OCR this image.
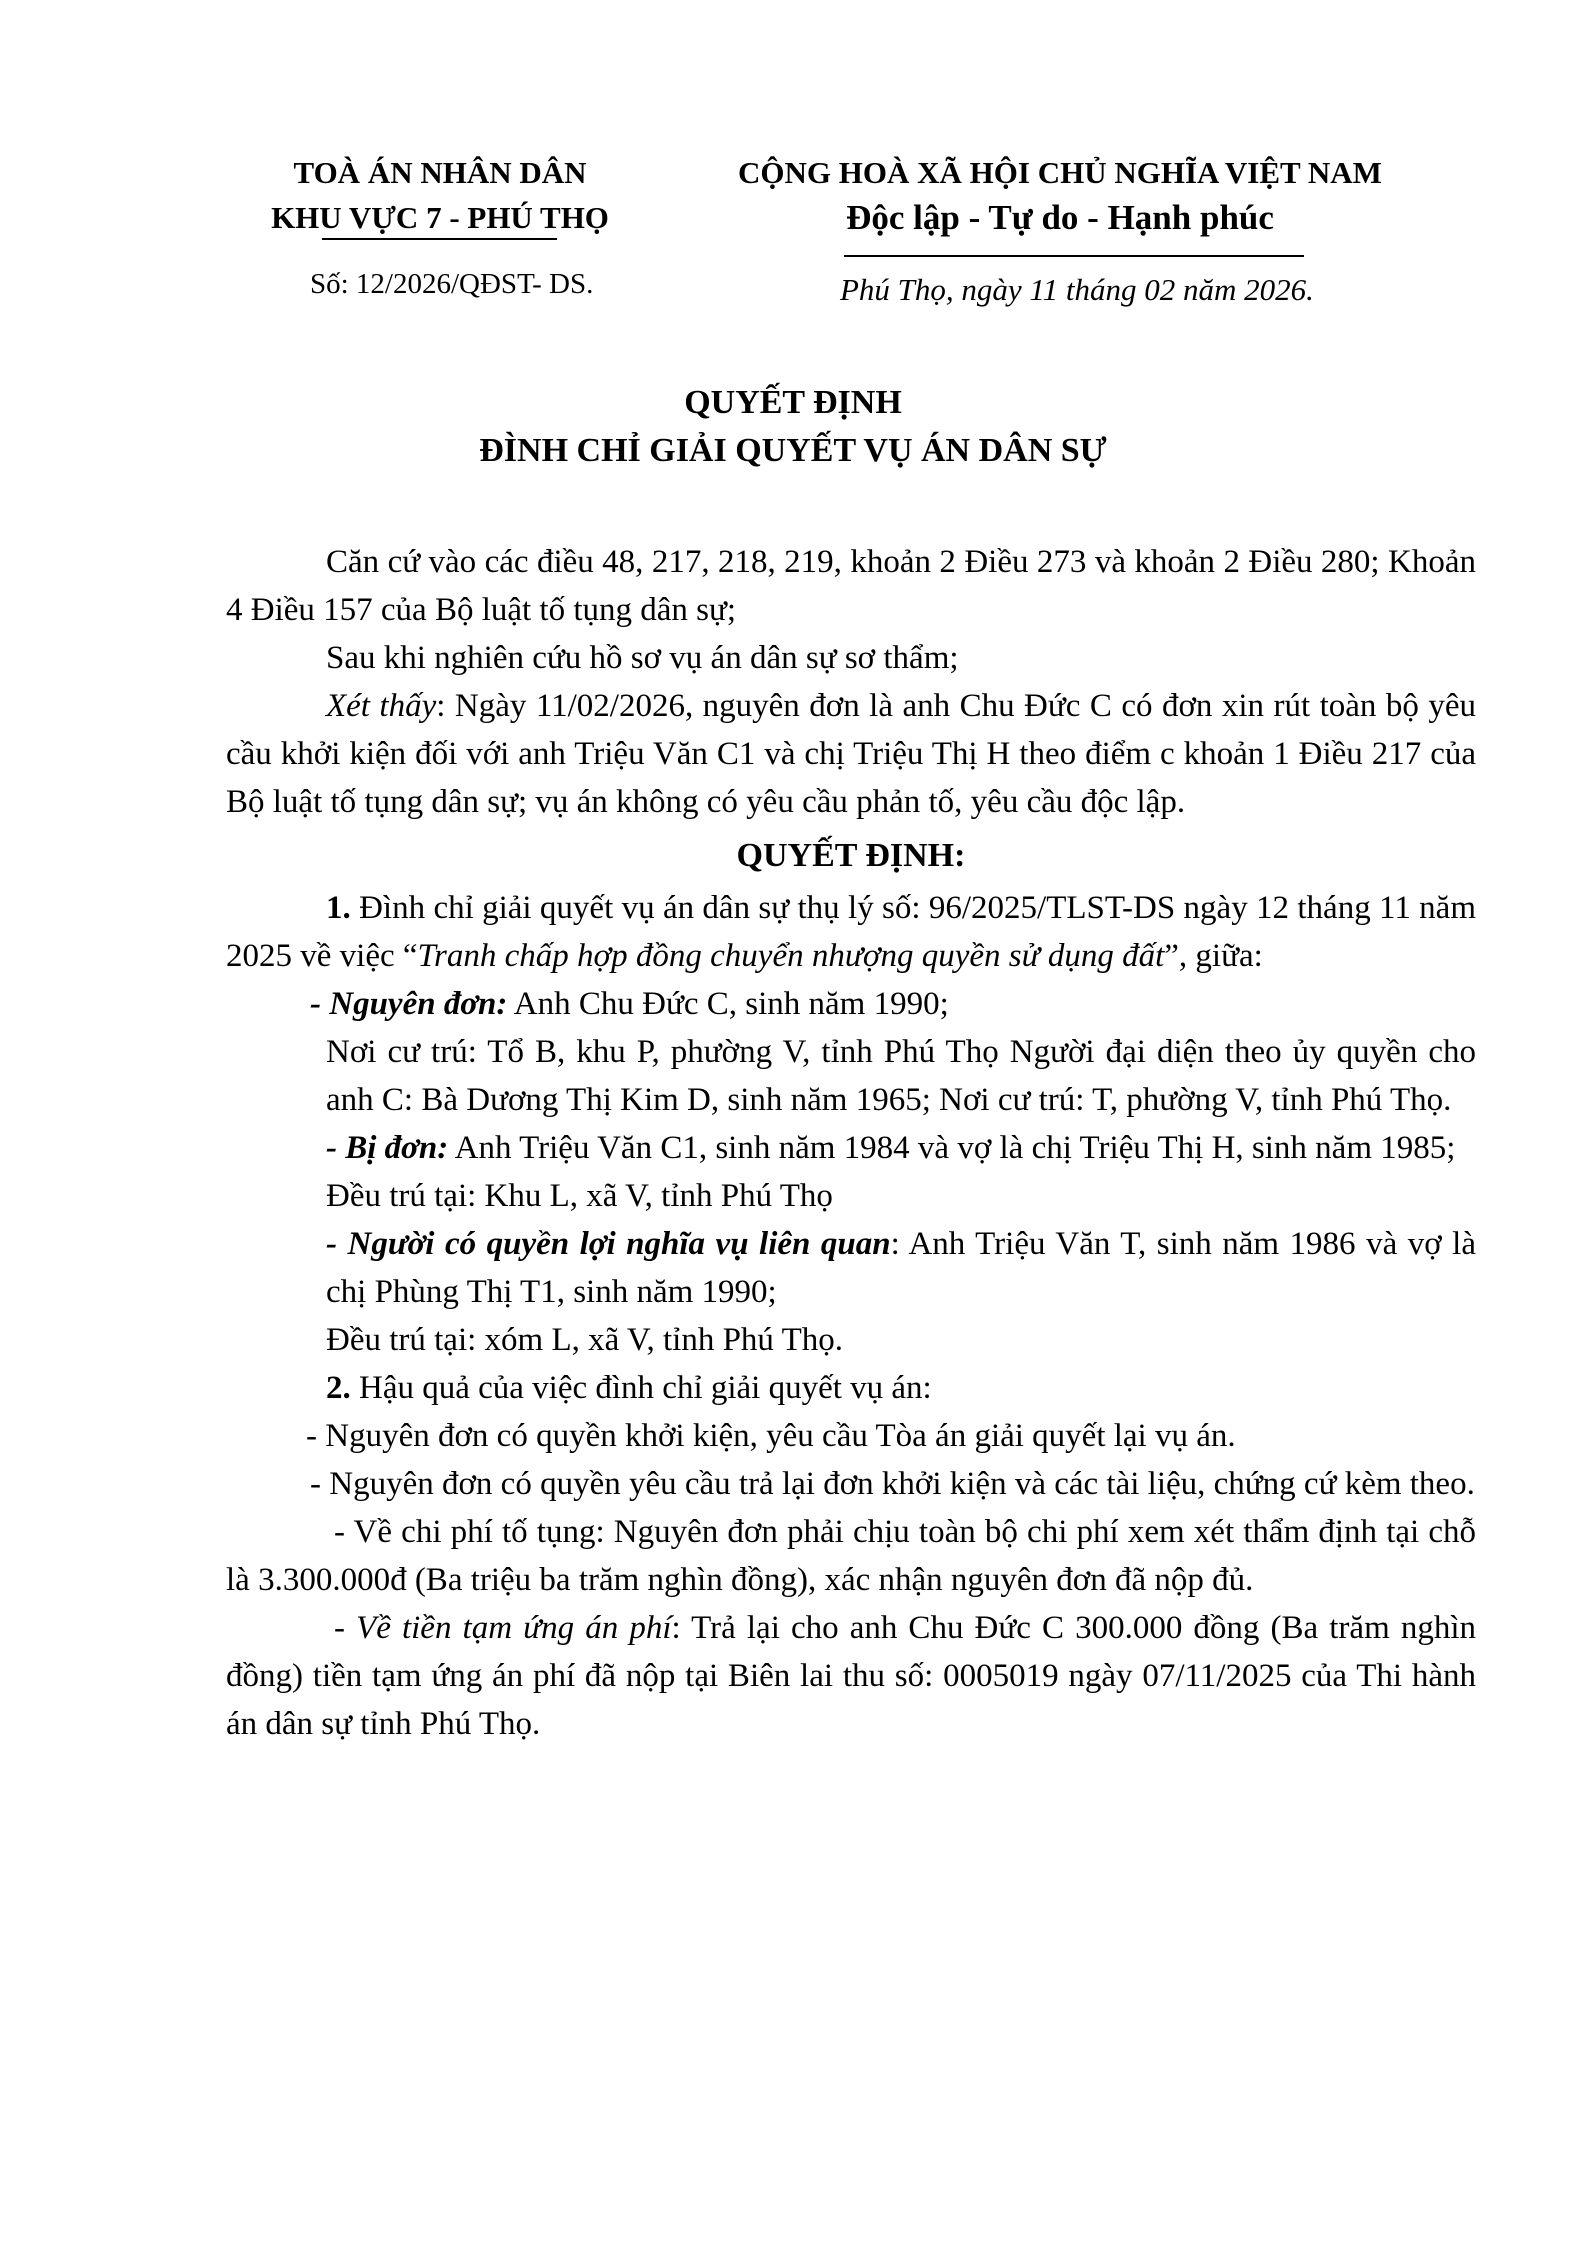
TOÀ ÁN NHÂN DÂN
KHU VỰC 7 - PHÚ THỌ
CỘNG HOÀ XÃ HỘI CHỦ NGHĨA VIỆT NAM
Độc lập - Tự do - Hạnh phúc
Số: 12/2026/QĐST- DS.	Phú Thọ, ngày 11 tháng 02 năm 2026.
QUYẾT ĐỊNH
ĐÌNH CHỈ GIẢI QUYẾT VỤ ÁN DÂN SỰ

Căn cứ vào các điều 48, 217, 218, 219, khoản 2 Điều 273 và khoản 2 Điều 280; Khoản 4 Điều 157 của Bộ luật tố tụng dân sự;

Sau khi nghiên cứu hồ sơ vụ án dân sự sơ thẩm;

Xét thấy: Ngày 11/02/2026, nguyên đơn là anh Chu Đức C có đơn xin rút toàn bộ yêu cầu khởi kiện đối với anh Triệu Văn C1 và chị Triệu Thị H theo điểm c khoản 1 Điều 217 của Bộ luật tố tụng dân sự; vụ án không có yêu cầu phản tố, yêu cầu độc lập.

QUYẾT ĐỊNH:

1. Đình chỉ giải quyết vụ án dân sự thụ lý số: 96/2025/TLST-DS ngày 12 tháng 11 năm 2025 về việc “Tranh chấp hợp đồng chuyển nhượng quyền sử dụng đất”, giữa:

- Nguyên đơn: Anh Chu Đức C, sinh năm 1990;

Nơi cư trú: Tổ B, khu P, phường V, tỉnh Phú Thọ Người đại diện theo ủy quyền cho anh C: Bà Dương Thị Kim D, sinh năm 1965; Nơi cư trú: T, phường V, tỉnh Phú Thọ.

- Bị đơn: Anh Triệu Văn C1, sinh năm 1984 và vợ là chị Triệu Thị H, sinh năm 1985;

Đều trú tại: Khu L, xã V, tỉnh Phú Thọ

- Người có quyền lợi nghĩa vụ liên quan: Anh Triệu Văn T, sinh năm 1986 và vợ là chị Phùng Thị T1, sinh năm 1990;

Đều trú tại: xóm L, xã V, tỉnh Phú Thọ.

2. Hậu quả của việc đình chỉ giải quyết vụ án:

- Nguyên đơn có quyền khởi kiện, yêu cầu Tòa án giải quyết lại vụ án.

- Nguyên đơn có quyền yêu cầu trả lại đơn khởi kiện và các tài liệu, chứng cứ kèm theo.

- Về chi phí tố tụng: Nguyên đơn phải chịu toàn bộ chi phí xem xét thẩm định tại chỗ là 3.300.000đ (Ba triệu ba trăm nghìn đồng), xác nhận nguyên đơn đã nộp đủ.

- Về tiền tạm ứng án phí: Trả lại cho anh Chu Đức C 300.000 đồng (Ba trăm nghìn đồng) tiền tạm ứng án phí đã nộp tại Biên lai thu số: 0005019 ngày 07/11/2025 của Thi hành án dân sự tỉnh Phú Thọ.
